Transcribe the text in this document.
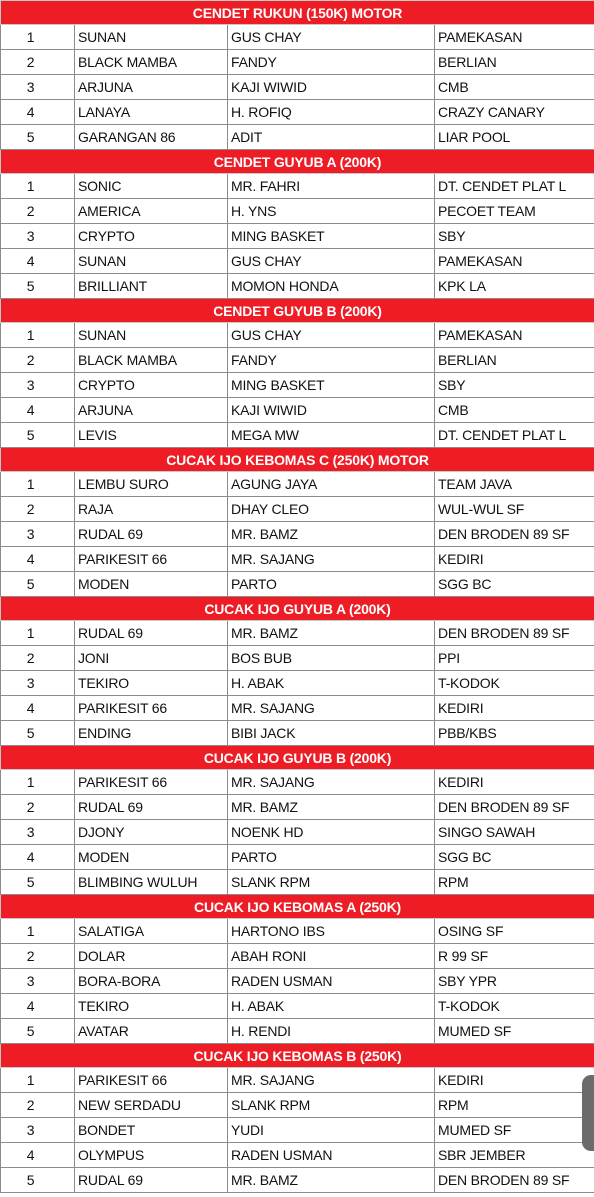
CENDET RUKUN (150K) MOTOR			
1	SUNAN	GUS CHAY	PAMEKASAN
2	BLACK MAMBA	FANDY	BERLIAN
3	ARJUNA	KAJI WIWID	CMB
4	LANAYA	H. ROFIQ	CRAZY CANARY
5	GARANGAN 86	ADIT	LIAR POOL
CENDET GUYUB A (200K)			
1	SONIC	MR. FAHRI	DT. CENDET PLAT L
2	AMERICA	H. YNS	PECOET TEAM
3	CRYPTO	MING BASKET	SBY
4	SUNAN	GUS CHAY	PAMEKASAN
5	BRILLIANT	MOMON HONDA	KPK LA
CENDET GUYUB B (200K)			
1	SUNAN	GUS CHAY	PAMEKASAN
2	BLACK MAMBA	FANDY	BERLIAN
3	CRYPTO	MING BASKET	SBY
4	ARJUNA	KAJI WIWID	CMB
5	LEVIS	MEGA MW	DT. CENDET PLAT L
CUCAK IJO KEBOMAS C (250K) MOTOR			
1	LEMBU SURO	AGUNG JAYA	TEAM JAVA
2	RAJA	DHAY CLEO	WUL-WUL SF
3	RUDAL 69	MR. BAMZ	DEN BRODEN 89 SF
4	PARIKESIT 66	MR. SAJANG	KEDIRI
5	MODEN	PARTO	SGG BC
CUCAK IJO GUYUB A (200K)			
1	RUDAL 69	MR. BAMZ	DEN BRODEN 89 SF
2	JONI	BOS BUB	PPI
3	TEKIRO	H. ABAK	T-KODOK
4	PARIKESIT 66	MR. SAJANG	KEDIRI
5	ENDING	BIBI JACK	PBB/KBS
CUCAK IJO GUYUB B (200K)			
1	PARIKESIT 66	MR. SAJANG	KEDIRI
2	RUDAL 69	MR. BAMZ	DEN BRODEN 89 SF
3	DJONY	NOENK HD	SINGO SAWAH
4	MODEN	PARTO	SGG BC
5	BLIMBING WULUH	SLANK RPM	RPM
CUCAK IJO KEBOMAS A (250K)			
1	SALATIGA	HARTONO IBS	OSING SF
2	DOLAR	ABAH RONI	R 99 SF
3	BORA-BORA	RADEN USMAN	SBY YPR
4	TEKIRO	H. ABAK	T-KODOK
5	AVATAR	H. RENDI	MUMED SF
CUCAK IJO KEBOMAS B (250K)			
1	PARIKESIT 66	MR. SAJANG	KEDIRI
2	NEW SERDADU	SLANK RPM	RPM
3	BONDET	YUDI	MUMED SF
4	OLYMPUS	RADEN USMAN	SBR JEMBER
5	RUDAL 69	MR. BAMZ	DEN BRODEN 89 SF
